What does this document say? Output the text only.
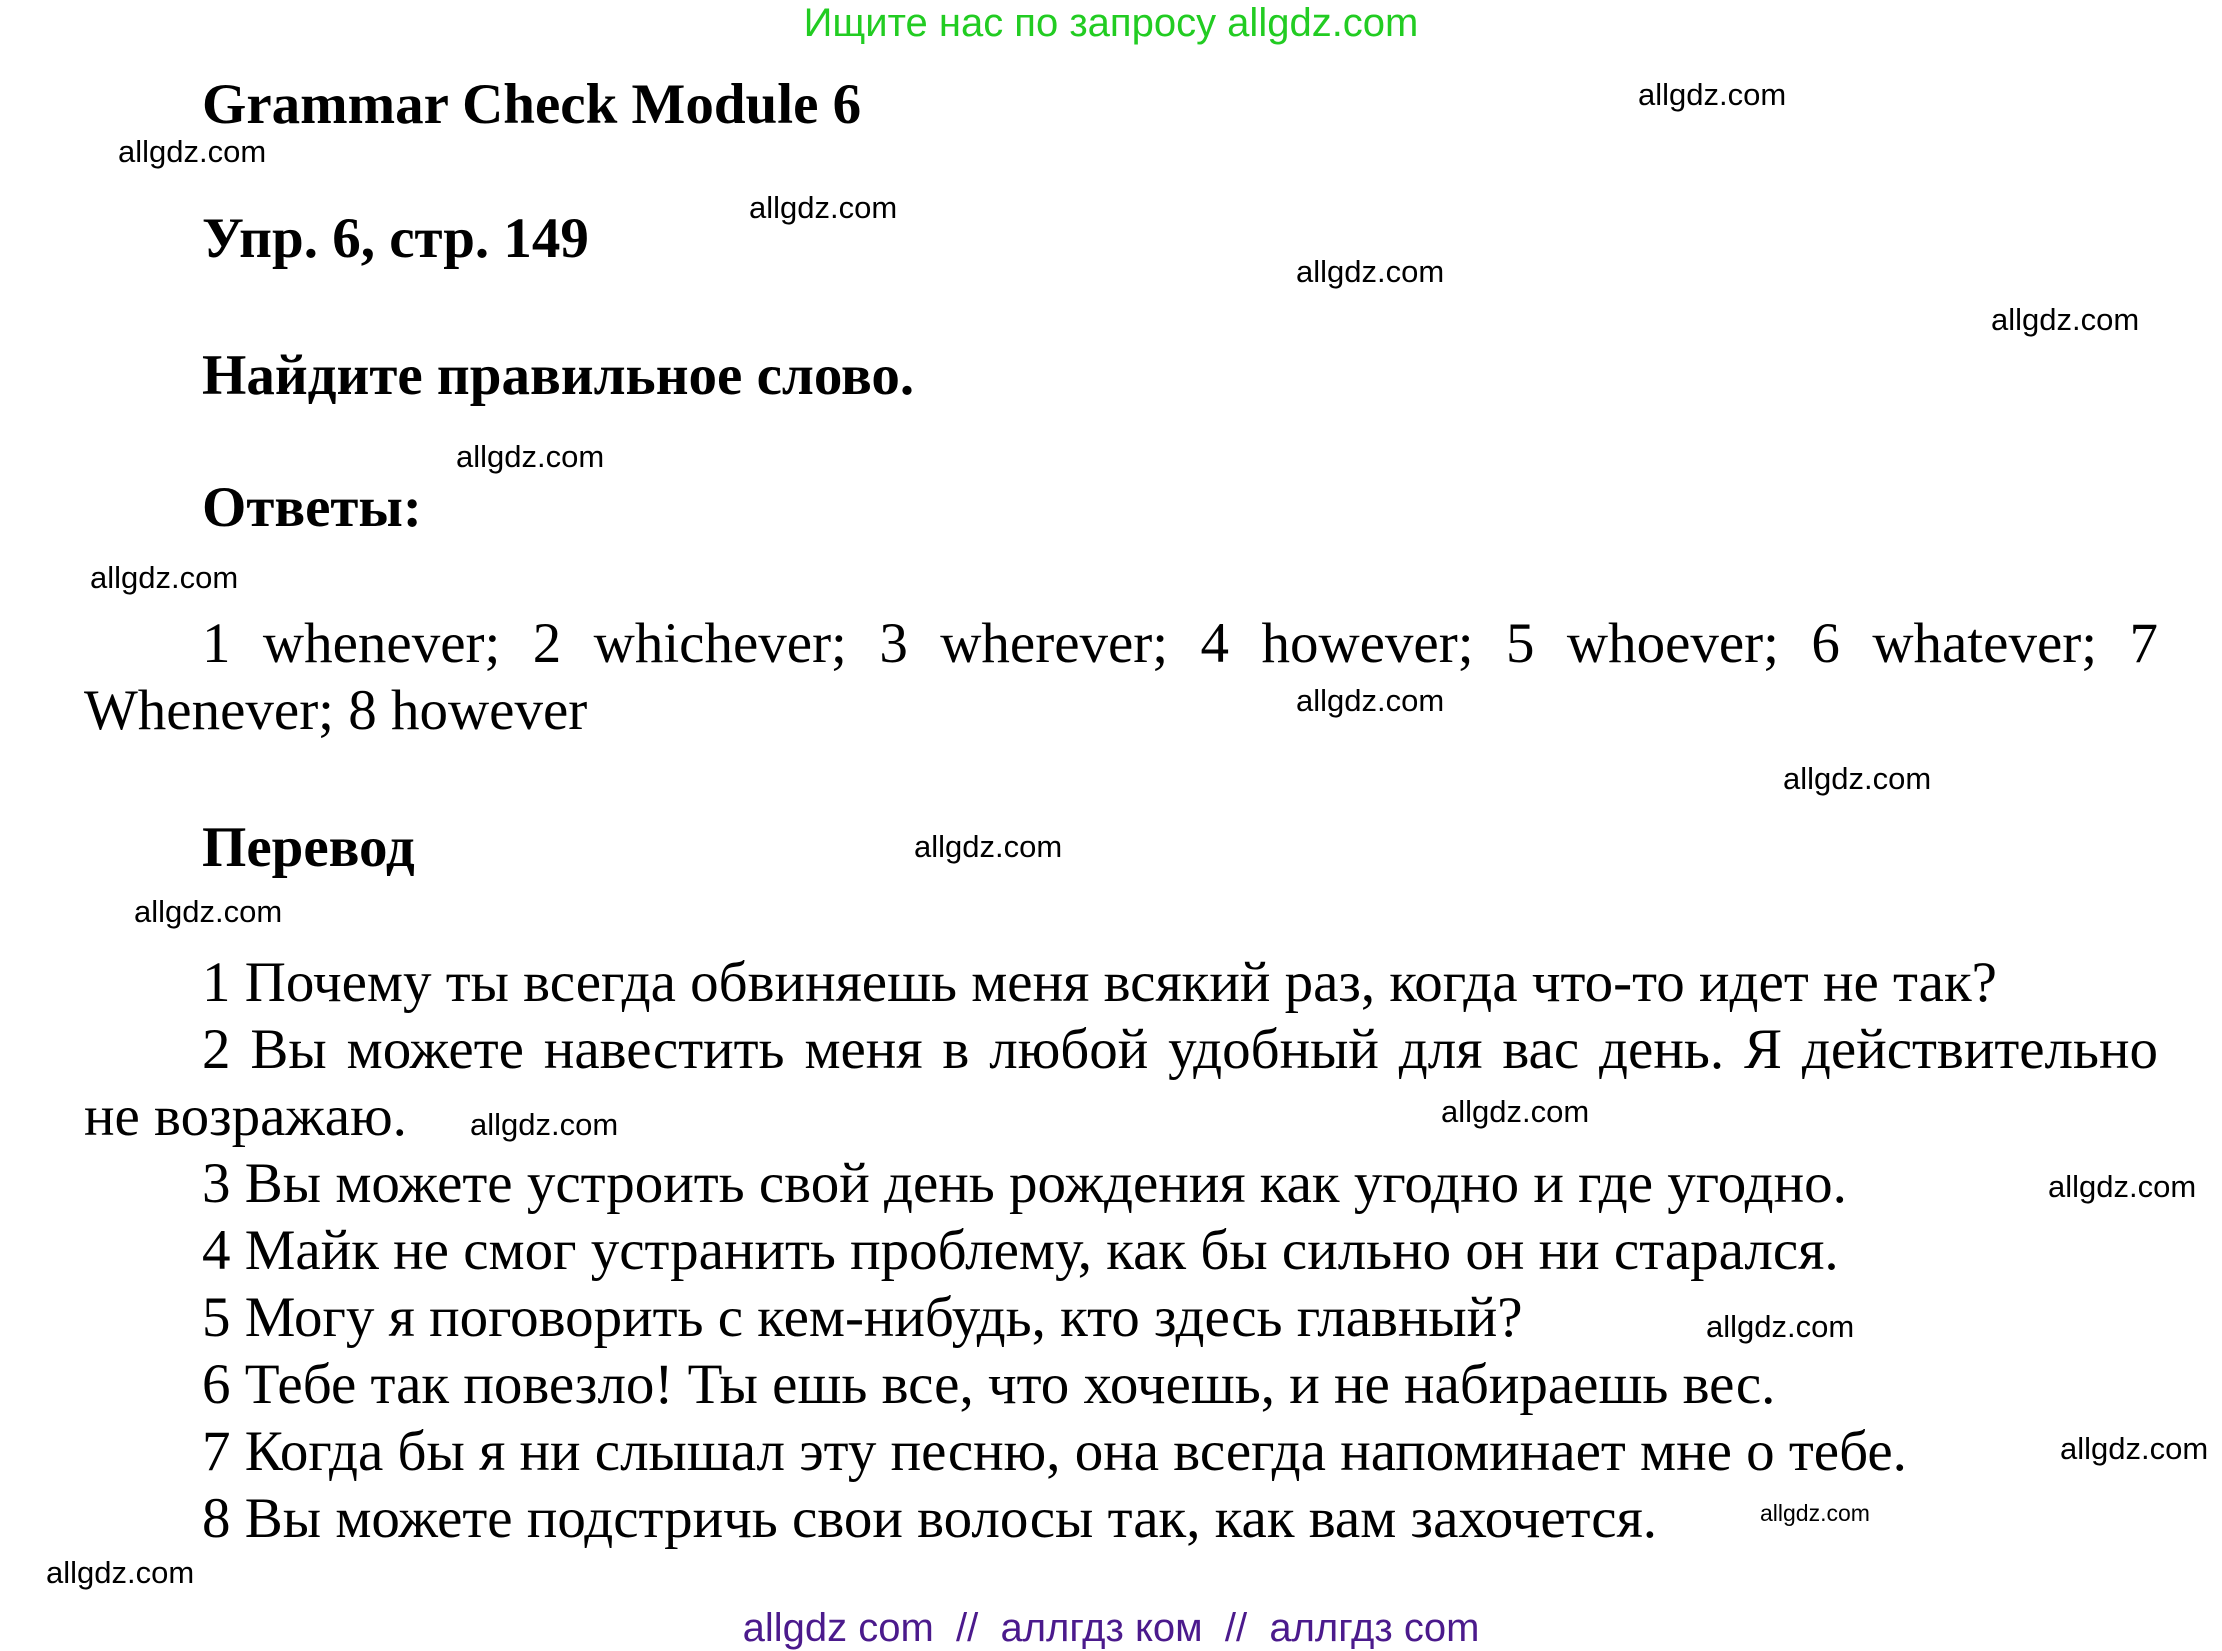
Ищите нас по запросу allgdz.com
Grammar Check Module 6
Упр. 6, стр. 149
Найдите правильное слово.
Ответы:
1 whenever; 2 whichever; 3 wherever; 4 however; 5 whoever; 6 whatever; 7 Whenever; 8 however
Перевод
1 Почему ты всегда обвиняешь меня всякий раз, когда что-то идет не так?
2 Вы можете навестить меня в любой удобный для вас день. Я действительно не возражаю.
3 Вы можете устроить свой день рождения как угодно и где угодно.
4 Майк не смог устранить проблему, как бы сильно он ни старался.
5 Могу я поговорить с кем-нибудь, кто здесь главный?
6 Тебе так повезло! Ты ешь все, что хочешь, и не набираешь вес.
7 Когда бы я ни слышал эту песню, она всегда напоминает мне о тебе.
8 Вы можете подстричь свои волосы так, как вам захочется.
allgdz.com
allgdz.com
allgdz.com
allgdz.com
allgdz.com
allgdz.com
allgdz.com
allgdz.com
allgdz.com
allgdz.com
allgdz.com
allgdz.com
allgdz.com
allgdz.com
allgdz.com
allgdz.com
allgdz.com
allgdz.com
allgdz com  //  аллгдз ком  //  аллгдз com
